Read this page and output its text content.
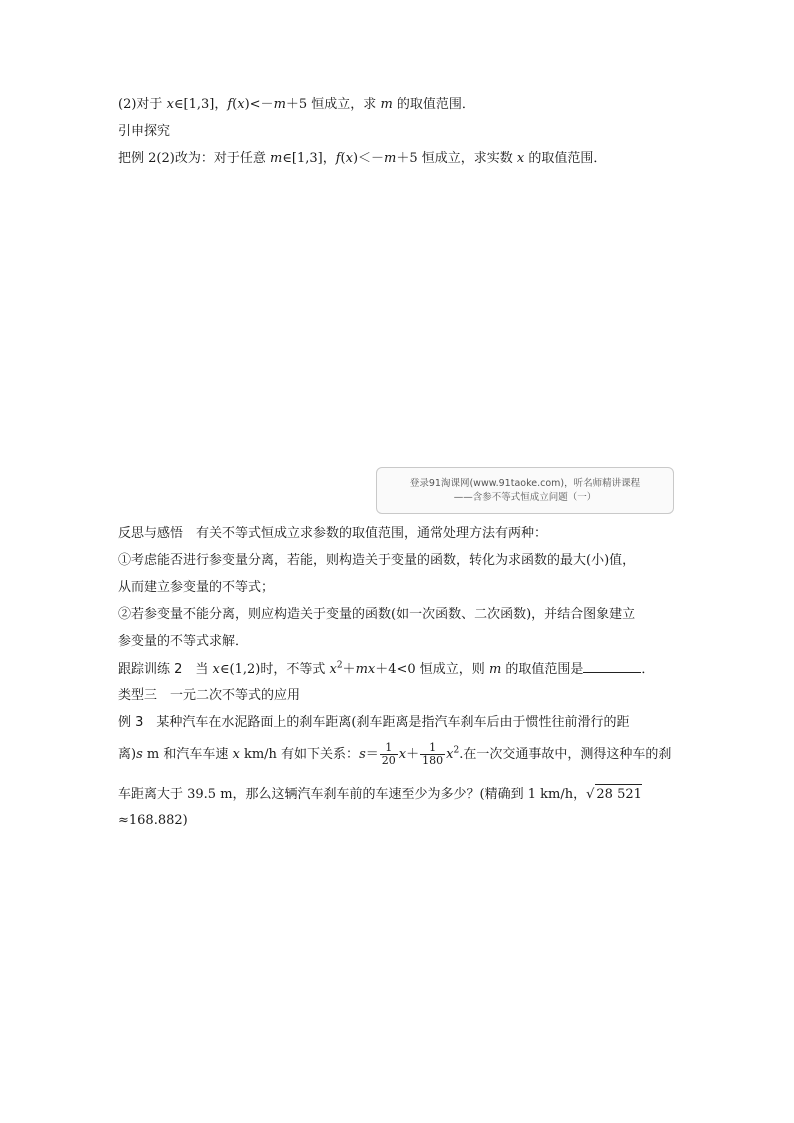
(2)对于 x∈[1,3]，f(x)<－m＋5 恒成立，求 m 的取值范围．
引申探究
把例 2(2)改为：对于任意 m∈[1,3]，f(x)＜－m＋5 恒成立，求实数 x 的取值范围．
登录91淘课网(www.91taoke.com)，听名师精讲课程
——含参不等式恒成立问题（一）
反思与感悟　有关不等式恒成立求参数的取值范围，通常处理方法有两种：
①考虑能否进行参变量分离，若能，则构造关于变量的函数，转化为求函数的最大(小)值，
从而建立参变量的不等式；
②若参变量不能分离，则应构造关于变量的函数(如一次函数、二次函数)，并结合图象建立
参变量的不等式求解．
跟踪训练 2　当 x∈(1,2)时，不等式 $x^2+mx+4<0$ 恒成立，则 m 的取值范围是	．
类型三　一元二次不等式的应用
例 3　某种汽车在水泥路面上的刹车距离(刹车距离是指汽车刹车后由于惯性往前滑行的距
离)s m 和汽车车速 x km/h 有如下关系：$s= \frac{1}{20} x+ \frac{1}{180} x^2$.在一次交通事故中，测得这种车的刹
车距离大于 39.5 m，那么这辆汽车刹车前的车速至少为多少？(精确到 1 km/h，√ 28 521
≈168.882)
